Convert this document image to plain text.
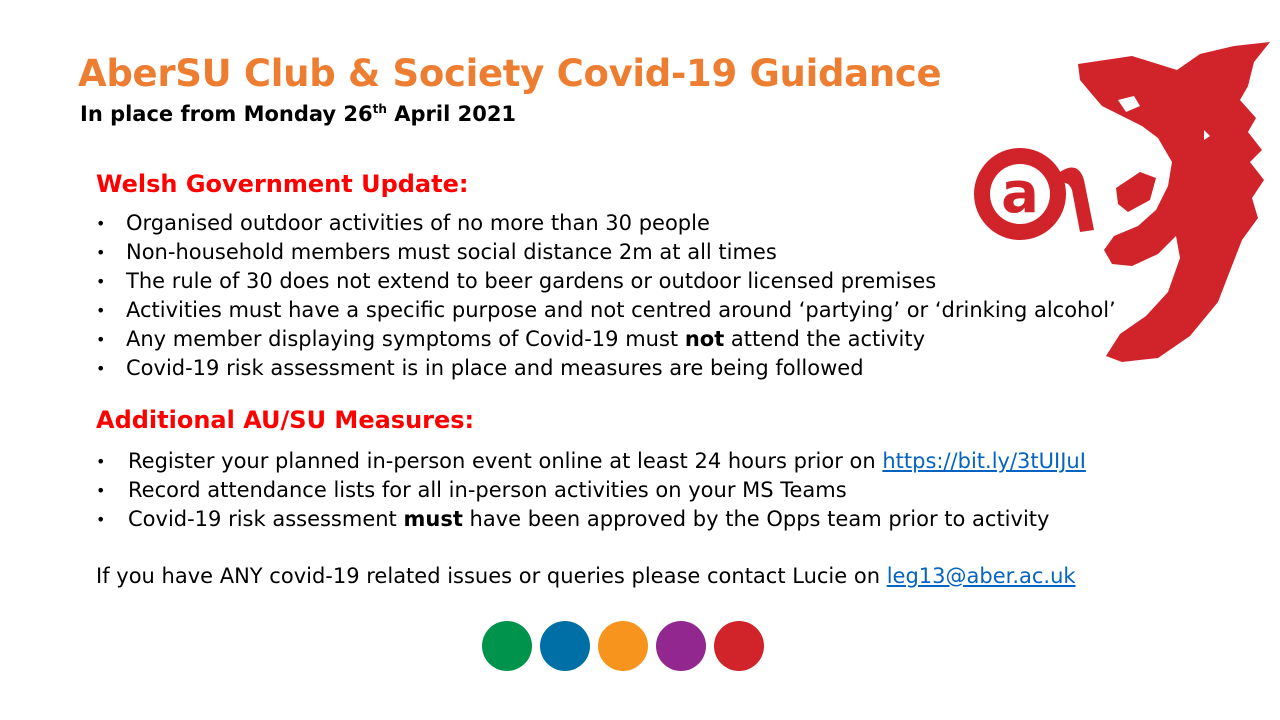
AberSU Club & Society Covid-19 Guidance
In place from Monday 26th April 2021
a
Welsh Government Update:
• Organised outdoor activities of no more than 30 people
• Non-household members must social distance 2m at all times
• The rule of 30 does not extend to beer gardens or outdoor licensed premises
• Activities must have a specific purpose and not centred around ‘partying’ or ‘drinking alcohol’
• Any member displaying symptoms of Covid-19 must not attend the activity
• Covid-19 risk assessment is in place and measures are being followed
Additional AU/SU Measures:
• Register your planned in-person event online at least 24 hours prior on https://bit.ly/3tUIJuI
• Record attendance lists for all in-person activities on your MS Teams
• Covid-19 risk assessment must have been approved by the Opps team prior to activity
If you have ANY covid-19 related issues or queries please contact Lucie on leg13@aber.ac.uk
